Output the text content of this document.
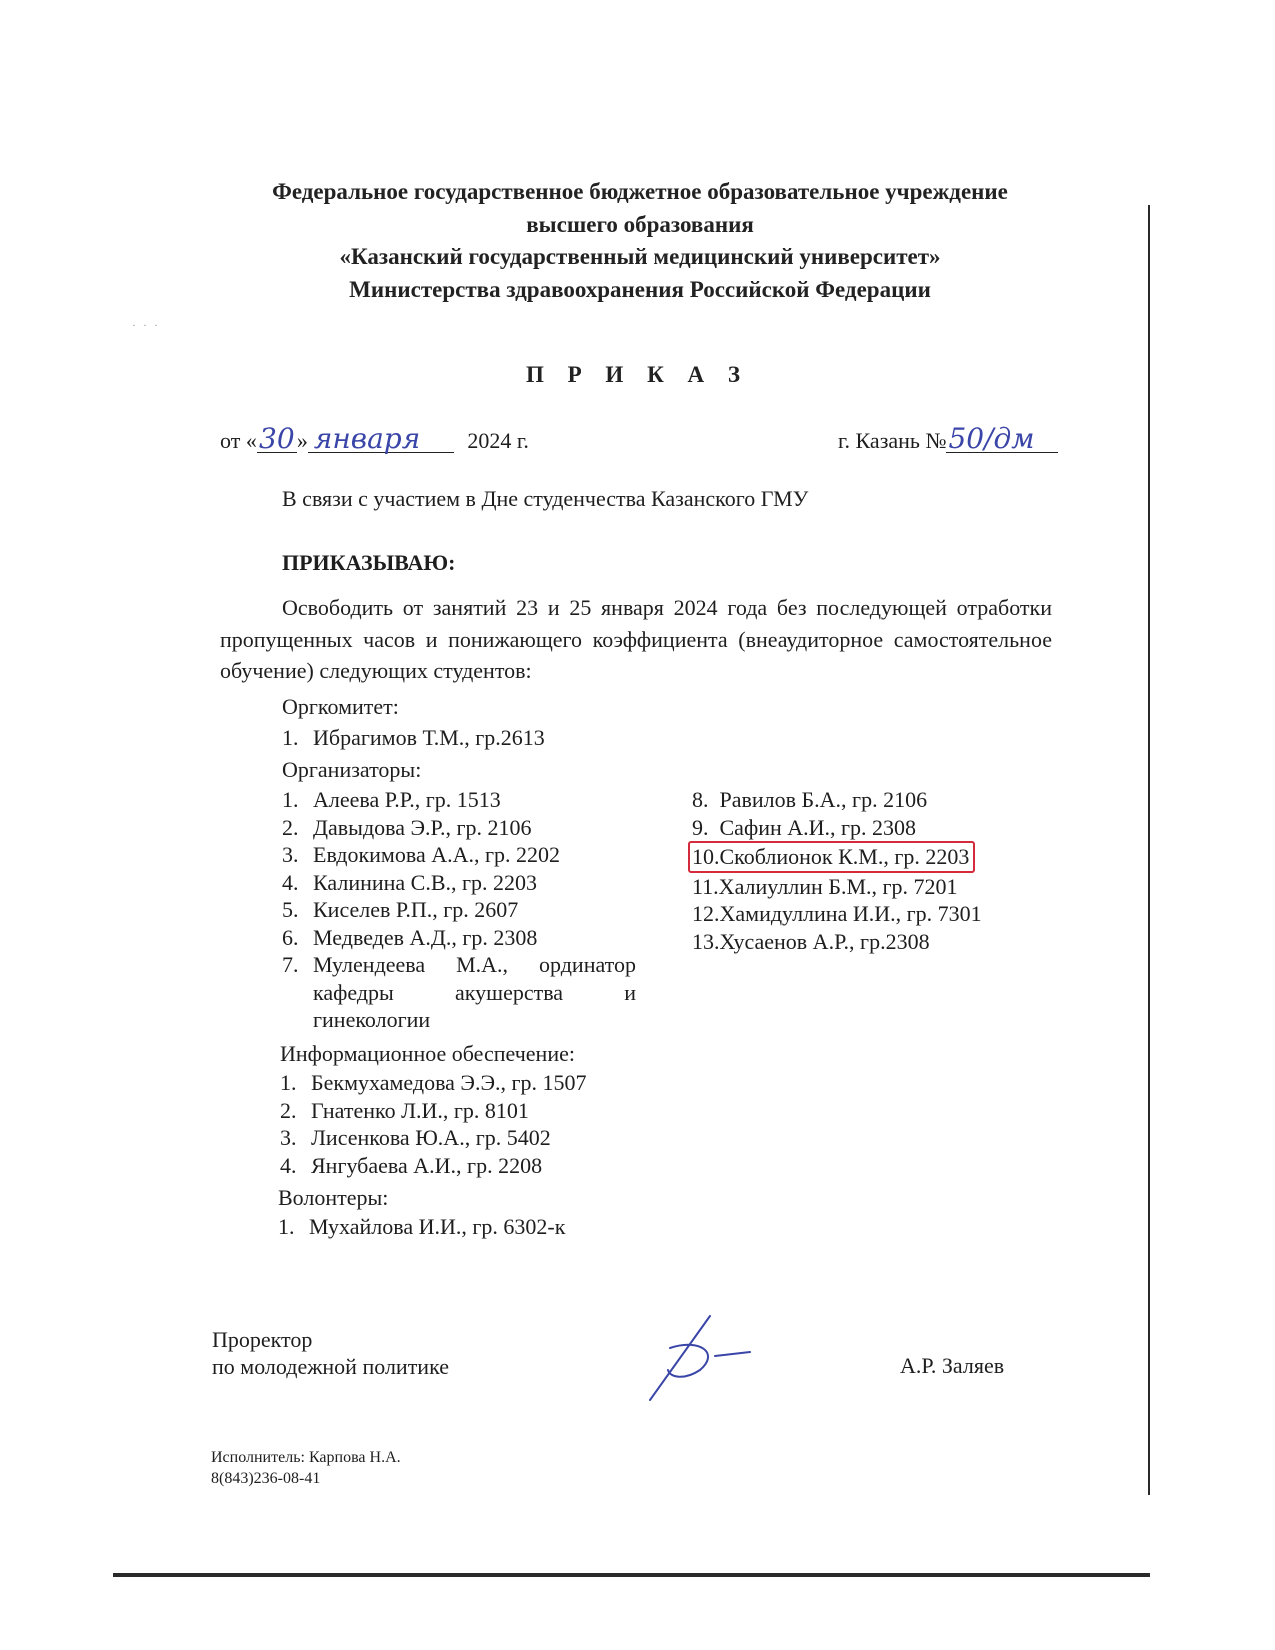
· · ·
Федеральное государственное бюджетное образовательное учреждение
высшего образования
«Казанский государственный медицинский университет»
Министерства здравоохранения Российской Федерации
П Р И К А З
от «30» января 2024 г.	г. Казань №50/дм
В связи с участием в Дне студенчества Казанского ГМУ
ПРИКАЗЫВАЮ:
Освободить от занятий 23 и 25 января 2024 года без последующей отработки пропущенных часов и понижающего коэффициента (внеаудиторное самостоятельное обучение) следующих студентов:
Оргкомитет:
1. Ибрагимов Т.М., гр.2613
Организаторы:
1. Алеева Р.Р., гр. 1513
2. Давыдова Э.Р., гр. 2106
3. Евдокимова А.А., гр. 2202
4. Калинина С.В., гр. 2203
5. Киселев Р.П., гр. 2607
6. Медведев А.Д., гр. 2308
7. Мулендеева М.А., ординатор кафедры акушерства и гинекологии
8.  Равилов Б.А., гр. 2106
9.  Сафин А.И., гр. 2308
10.Скоблионок К.М., гр. 2203
11.Халиуллин Б.М., гр. 7201
12.Хамидуллина И.И., гр. 7301
13.Хусаенов А.Р., гр.2308
Информационное обеспечение:
1. Бекмухамедова Э.Э., гр. 1507
2. Гнатенко Л.И., гр. 8101
3. Лисенкова Ю.А., гр. 5402
4. Янгубаева А.И., гр. 2208
Волонтеры:
1. Мухайлова И.И., гр. 6302-к
Проректор
по молодежной политике	А.Р. Заляев
Исполнитель: Карпова Н.А.
8(843)236-08-41
